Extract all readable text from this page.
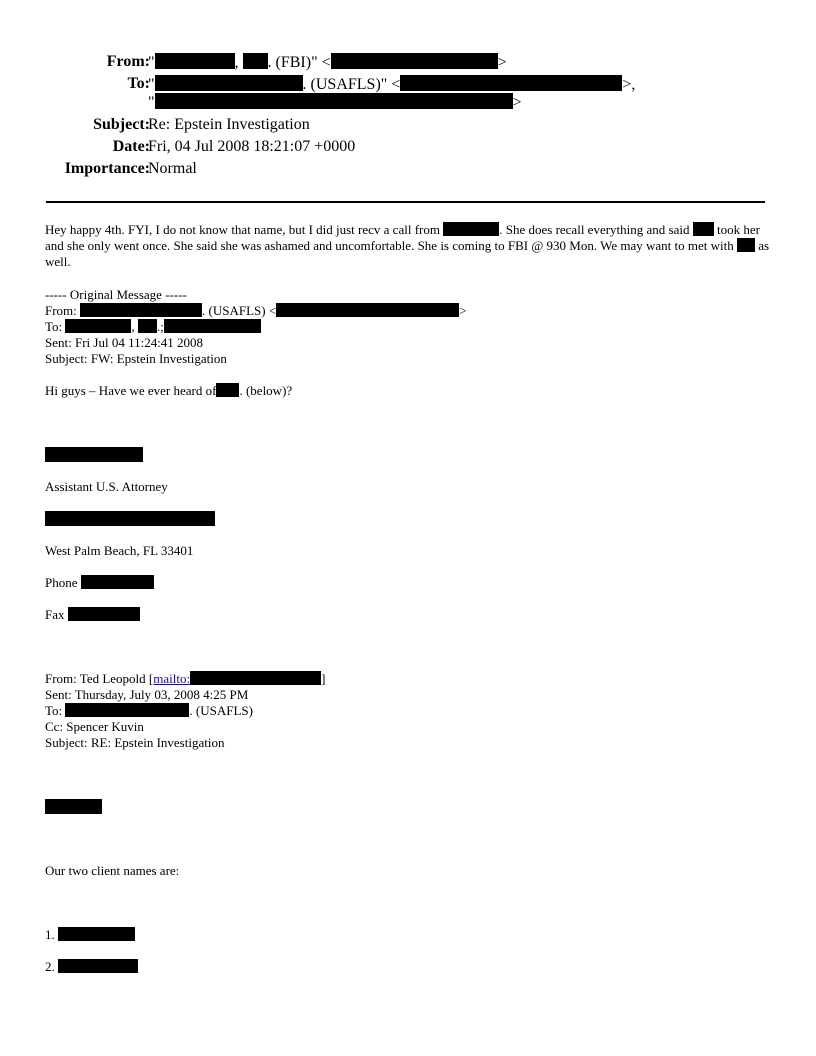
From:
"	, . (FBI)" <	>
To:
"	. (USAFLS)" <	>,
"	>
Subject:
Re: Epstein Investigation
Date:
Fri, 04 Jul 2008 18:21:07 +0000
Importance:
Normal
Hey happy 4th. FYI, I do not know that name, but I did just recv a call from	. She does recall everything and said  took her and she only went once. She said she was ashamed and uncomfortable. She is coming to FBI @ 930 Mon. We may want to met with  as well.
----- Original Message -----
From:	. (USAFLS) <	>
To:	, .;
Sent: Fri Jul 04 11:24:41 2008
Subject: FW: Epstein Investigation
Hi guys – Have we ever heard of . (below)?
Assistant U.S. Attorney
West Palm Beach, FL 33401
Phone
Fax
From: Ted Leopold [mailto:	]
Sent: Thursday, July 03, 2008 4:25 PM
To:	. (USAFLS)
Cc: Spencer Kuvin
Subject: RE: Epstein Investigation
Our two client names are:
1.
2.
